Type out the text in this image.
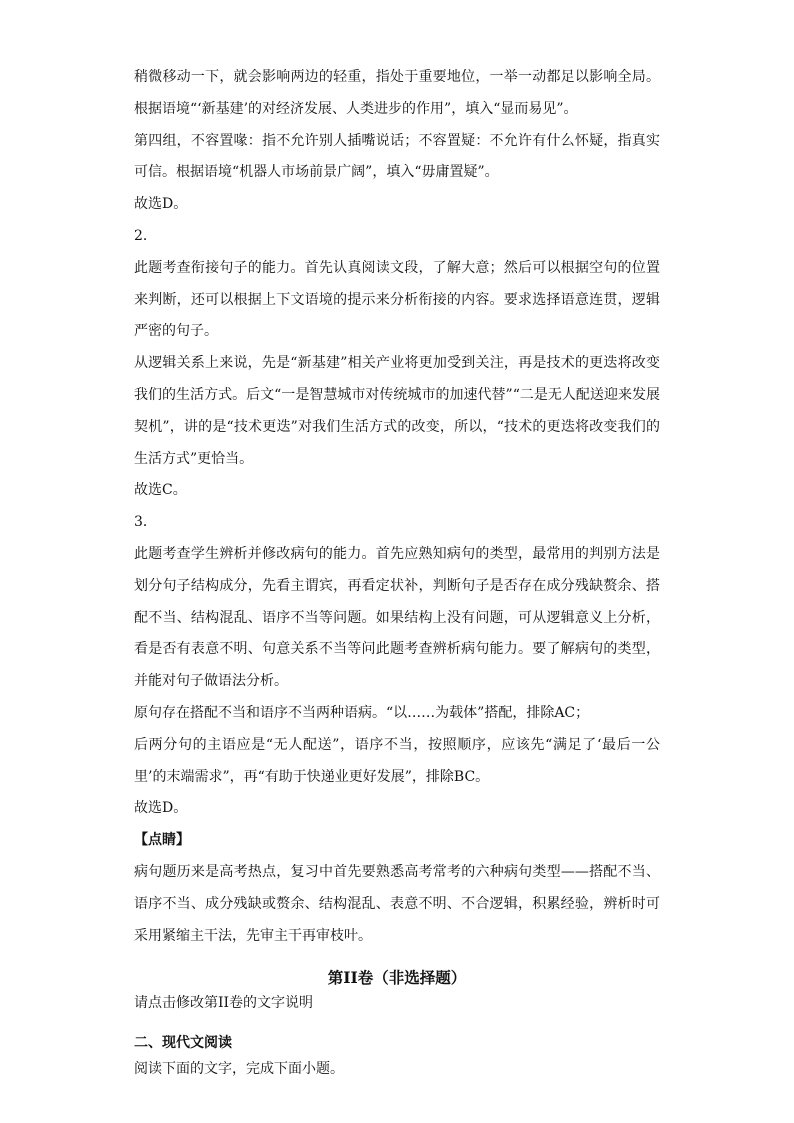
稍微移动一下，就会影响两边的轻重，指处于重要地位，一举一动都足以影响全局。根据语境“‘新基建’的对经济发展、人类进步的作用”，填入“显而易见”。

第四组，不容置喙：指不允许别人插嘴说话；不容置疑：不允许有什么怀疑，指真实可信。根据语境“机器人市场前景广阔”，填入“毋庸置疑”。

故选D。

2．

此题考查衔接句子的能力。首先认真阅读文段，了解大意；然后可以根据空句的位置来判断，还可以根据上下文语境的提示来分析衔接的内容。要求选择语意连贯，逻辑严密的句子。

从逻辑关系上来说，先是“新基建”相关产业将更加受到关注，再是技术的更迭将改变我们的生活方式。后文“一是智慧城市对传统城市的加速代替”“二是无人配送迎来发展契机”，讲的是“技术更迭”对我们生活方式的改变，所以，“技术的更迭将改变我们的生活方式”更恰当。

故选C。

3．

此题考查学生辨析并修改病句的能力。首先应熟知病句的类型，最常用的判别方法是划分句子结构成分，先看主谓宾，再看定状补，判断句子是否存在成分残缺赘余、搭配不当、结构混乱、语序不当等问题。如果结构上没有问题，可从逻辑意义上分析，看是否有表意不明、句意关系不当等问此题考查辨析病句能力。要了解病句的类型，并能对句子做语法分析。

原句存在搭配不当和语序不当两种语病。“以……为载体”搭配，排除AC；

后两分句的主语应是“无人配送”，语序不当，按照顺序，应该先“满足了‘最后一公里’的末端需求”，再“有助于快递业更好发展”，排除BC。

故选D。

【点睛】

病句题历来是高考热点，复习中首先要熟悉高考常考的六种病句类型——搭配不当、语序不当、成分残缺或赘余、结构混乱、表意不明、不合逻辑，积累经验，辨析时可采用紧缩主干法，先审主干再审枝叶。

第II卷（非选择题）

请点击修改第II卷的文字说明

二、现代文阅读

阅读下面的文字，完成下面小题。
